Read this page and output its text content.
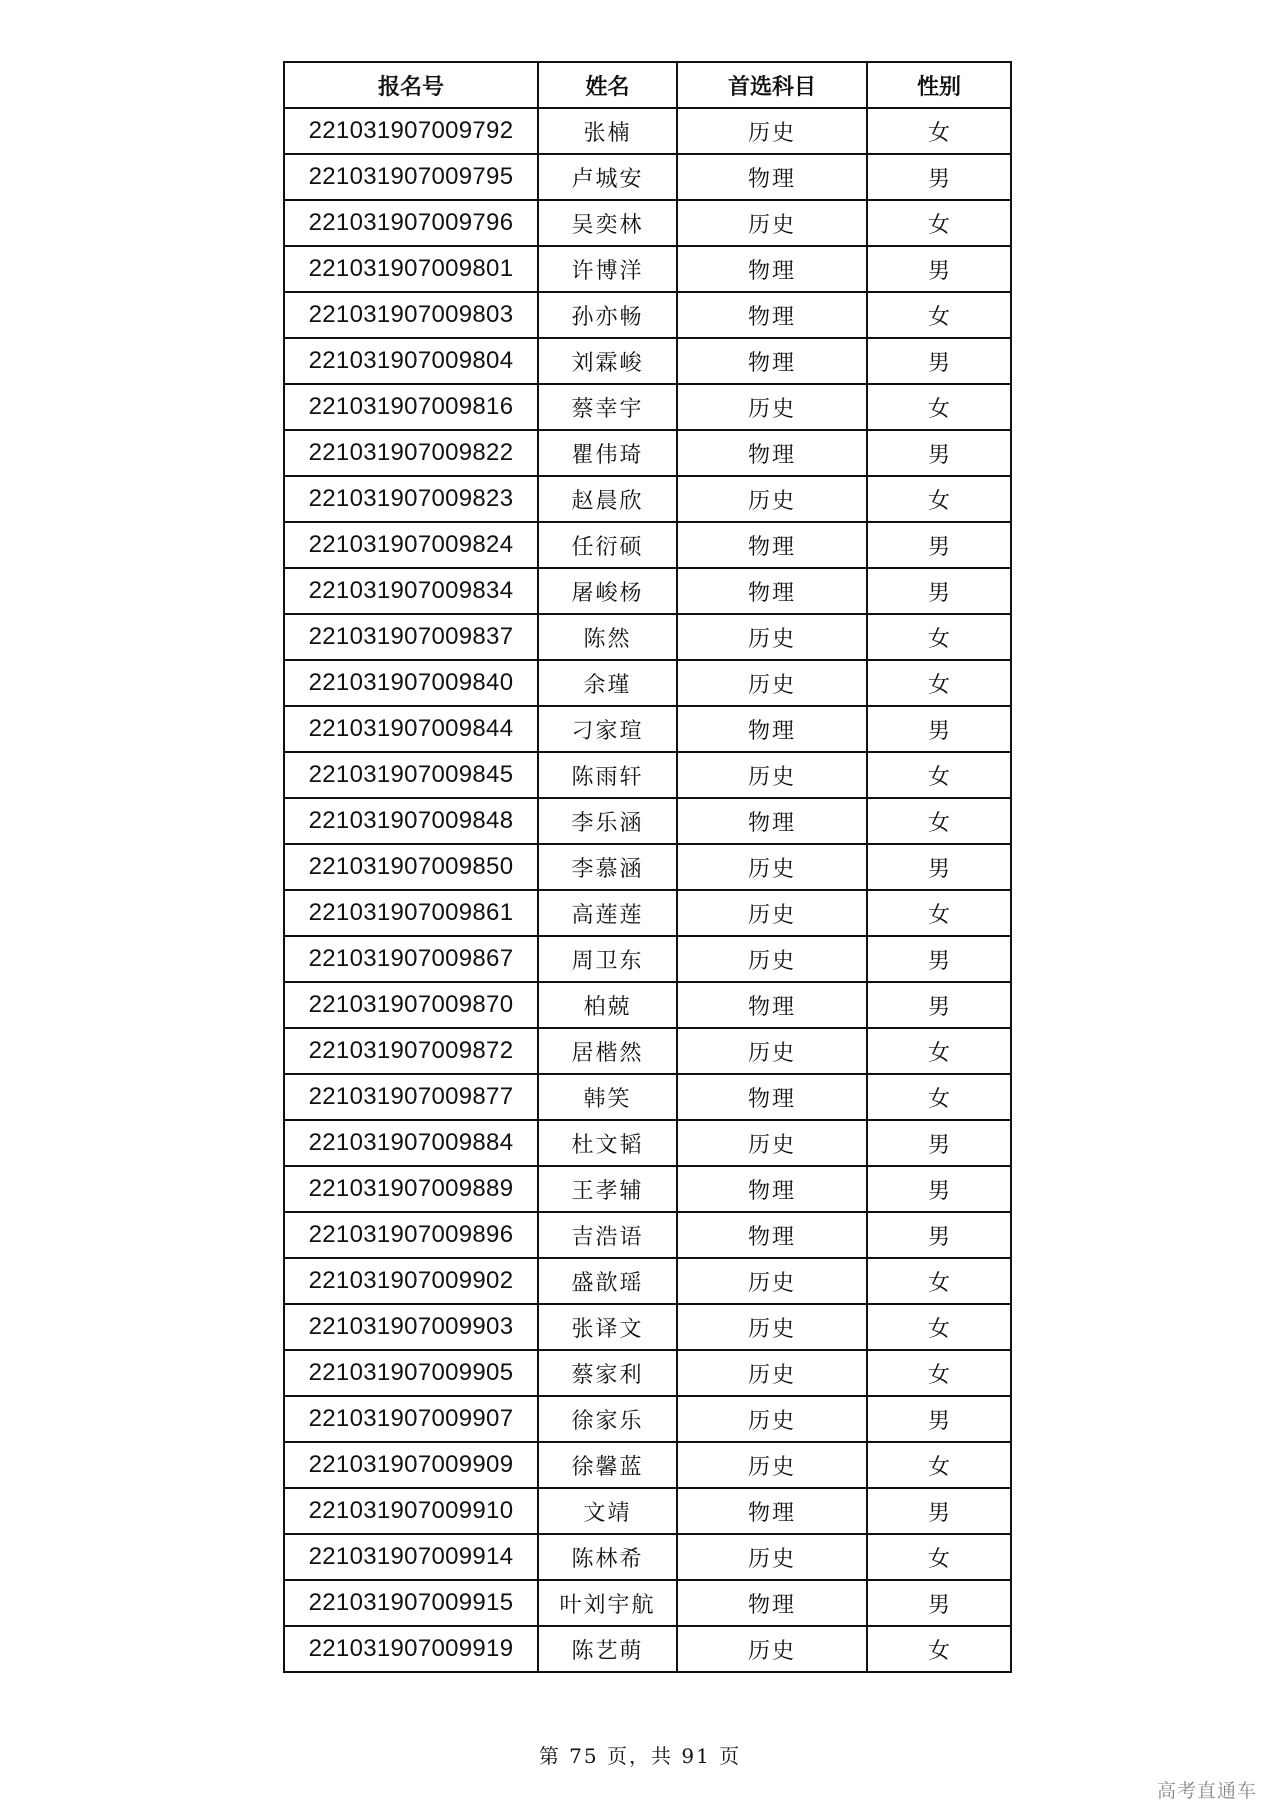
报名号	姓名	首选科目	性别
221031907009792	张楠	历史	女
221031907009795	卢城安	物理	男
221031907009796	吴奕林	历史	女
221031907009801	许博洋	物理	男
221031907009803	孙亦畅	物理	女
221031907009804	刘霖峻	物理	男
221031907009816	蔡幸宇	历史	女
221031907009822	瞿伟琦	物理	男
221031907009823	赵晨欣	历史	女
221031907009824	任衍硕	物理	男
221031907009834	屠峻杨	物理	男
221031907009837	陈然	历史	女
221031907009840	余瑾	历史	女
221031907009844	刁家瑄	物理	男
221031907009845	陈雨轩	历史	女
221031907009848	李乐涵	物理	女
221031907009850	李慕涵	历史	男
221031907009861	高莲莲	历史	女
221031907009867	周卫东	历史	男
221031907009870	柏兢	物理	男
221031907009872	居楷然	历史	女
221031907009877	韩笑	物理	女
221031907009884	杜文韬	历史	男
221031907009889	王孝辅	物理	男
221031907009896	吉浩语	物理	男
221031907009902	盛歆瑶	历史	女
221031907009903	张译文	历史	女
221031907009905	蔡家利	历史	女
221031907009907	徐家乐	历史	男
221031907009909	徐馨蓝	历史	女
221031907009910	文靖	物理	男
221031907009914	陈林希	历史	女
221031907009915	叶刘宇航	物理	男
221031907009919	陈艺萌	历史	女
第 75 页，共 91 页
高考直通车
